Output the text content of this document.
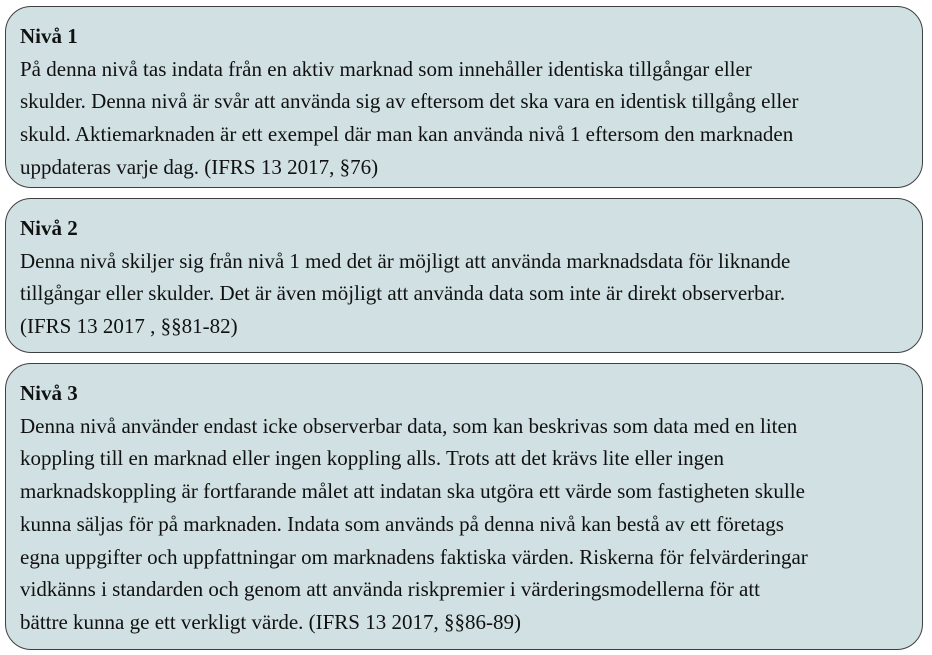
Nivå 1
På denna nivå tas indata från en aktiv marknad som innehåller identiska tillgångar eller
skulder. Denna nivå är svår att använda sig av eftersom det ska vara en identisk tillgång eller
skuld. Aktiemarknaden är ett exempel där man kan använda nivå 1 eftersom den marknaden
uppdateras varje dag. (IFRS 13 2017, §76)
Nivå 2
Denna nivå skiljer sig från nivå 1 med det är möjligt att använda marknadsdata för liknande
tillgångar eller skulder. Det är även möjligt att använda data som inte är direkt observerbar.
(IFRS 13 2017 , §§81-82)
Nivå 3
Denna nivå använder endast icke observerbar data, som kan beskrivas som data med en liten
koppling till en marknad eller ingen koppling alls. Trots att det krävs lite eller ingen
marknadskoppling är fortfarande målet att indatan ska utgöra ett värde som fastigheten skulle
kunna säljas för på marknaden. Indata som används på denna nivå kan bestå av ett företags
egna uppgifter och uppfattningar om marknadens faktiska värden. Riskerna för felvärderingar
vidkänns i standarden och genom att använda riskpremier i värderingsmodellerna för att
bättre kunna ge ett verkligt värde. (IFRS 13 2017, §§86-89)
